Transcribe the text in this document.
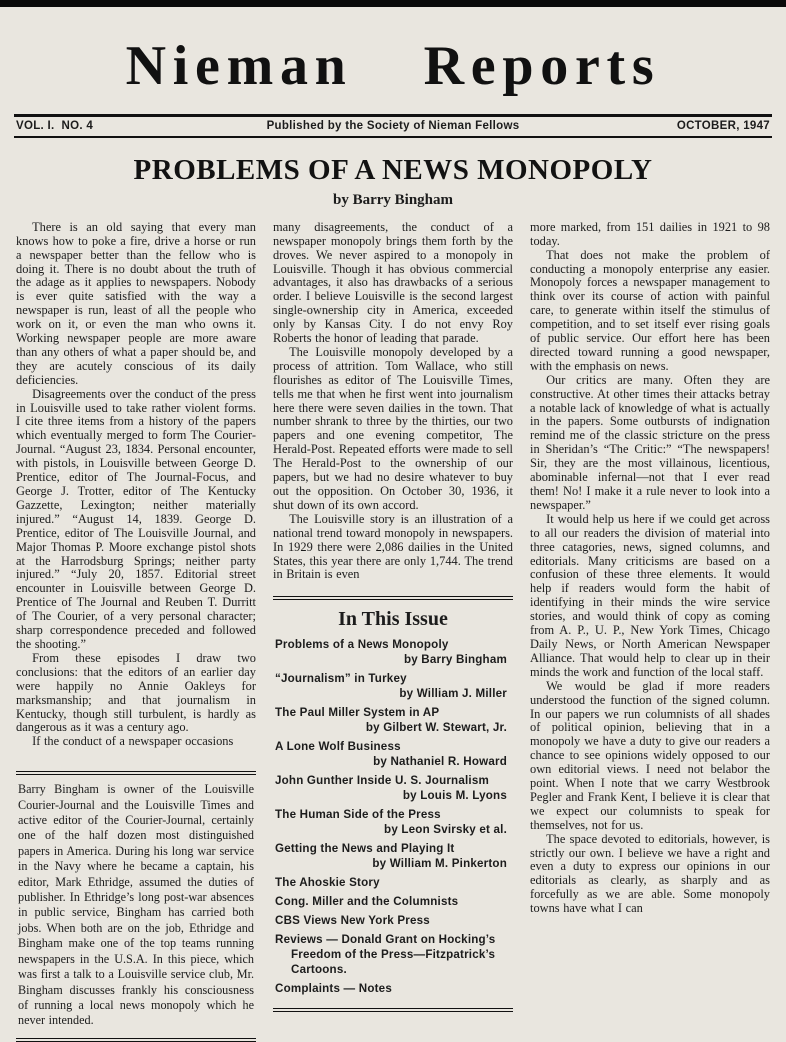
Nieman Reports
VOL. I.  NO. 4	Published by the Society of Nieman Fellows	OCTOBER, 1947
PROBLEMS OF A NEWS MONOPOLY
by Barry Bingham

There is an old saying that every man knows how to poke a fire, drive a horse or run a newspaper better than the fellow who is doing it. There is no doubt about the truth of the adage as it applies to newspapers. Nobody is ever quite satisfied with the way a newspaper is run, least of all the people who work on it, or even the man who owns it. Working newspaper people are more aware than any others of what a paper should be, and they are acutely conscious of its daily deficiencies.

Disagreements over the conduct of the press in Louisville used to take rather violent forms. I cite three items from a history of the papers which eventually merged to form The Courier-Journal. “August 23, 1834. Personal encounter, with pistols, in Louisville between George D. Prentice, editor of The Journal-Focus, and George J. Trotter, editor of The Kentucky Gazzette, Lexington; neither materially injured.” “August 14, 1839. George D. Prentice, editor of The Louisville Journal, and Major Thomas P. Moore exchange pistol shots at the Harrodsburg Springs; neither party injured.” “July 20, 1857. Editorial street encounter in Louisville between George D. Prentice of The Journal and Reuben T. Durritt of The Courier, of a very personal character; sharp correspondence preceded and followed the shooting.”

From these episodes I draw two conclusions: that the editors of an earlier day were happily no Annie Oakleys for marksmanship; and that journalism in Kentucky, though still turbulent, is hardly as dangerous as it was a century ago.

If the conduct of a newspaper occasions

Barry Bingham is owner of the Louisville Courier-Journal and the Louisville Times and active editor of the Courier-Journal, certainly one of the half dozen most distinguished papers in America. During his long war service in the Navy where he became a captain, his editor, Mark Ethridge, assumed the duties of publisher. In Ethridge’s long post-war absences in public service, Bingham has carried both jobs. When both are on the job, Ethridge and Bingham make one of the top teams running newspapers in the U.S.A. In this piece, which was first a talk to a Louisville service club, Mr. Bingham discusses frankly his consciousness of running a local news monopoly which he never intended.

many disagreements, the conduct of a newspaper monopoly brings them forth by the droves. We never aspired to a monopoly in Louisville. Though it has obvious commercial advantages, it also has drawbacks of a serious order. I believe Louisville is the second largest single-ownership city in America, exceeded only by Kansas City. I do not envy Roy Roberts the honor of leading that parade.

The Louisville monopoly developed by a process of attrition. Tom Wallace, who still flourishes as editor of The Louisville Times, tells me that when he first went into journalism here there were seven dailies in the town. That number shrank to three by the thirties, our two papers and one evening competitor, The Herald-Post. Repeated efforts were made to sell The Herald-Post to the ownership of our papers, but we had no desire whatever to buy out the opposition. On October 30, 1936, it shut down of its own accord.

The Louisville story is an illustration of a national trend toward monopoly in newspapers. In 1929 there were 2,086 dailies in the United States, this year there are only 1,744. The trend in Britain is even

In This Issue
Problems of a News Monopoly
by Barry Bingham
“Journalism” in Turkey
by William J. Miller
The Paul Miller System in AP
by Gilbert W. Stewart, Jr.
A Lone Wolf Business
by Nathaniel R. Howard
John Gunther Inside U. S. Journalism
by Louis M. Lyons
The Human Side of the Press
by Leon Svirsky et al.
Getting the News and Playing It
by William M. Pinkerton
The Ahoskie Story
Cong. Miller and the Columnists
CBS Views New York Press
Reviews — Donald Grant on Hocking’s Freedom of the Press—Fitzpatrick’s Cartoons.
Complaints — Notes

more marked, from 151 dailies in 1921 to 98 today.

That does not make the problem of conducting a monopoly enterprise any easier. Monopoly forces a newspaper management to think over its course of action with painful care, to generate within itself the stimulus of competition, and to set itself ever rising goals of public service. Our effort here has been directed toward running a good newspaper, with the emphasis on news.

Our critics are many. Often they are constructive. At other times their attacks betray a notable lack of knowledge of what is actually in the papers. Some outbursts of indignation remind me of the classic stricture on the press in Sheridan’s “The Critic:” “The newspapers! Sir, they are the most villainous, licentious, abominable infernal—not that I ever read them! No! I make it a rule never to look into a newspaper.”

It would help us here if we could get across to all our readers the division of material into three catagories, news, signed columns, and editorials. Many criticisms are based on a confusion of these three elements. It would help if readers would form the habit of identifying in their minds the wire service stories, and would think of copy as coming from A. P., U. P., New York Times, Chicago Daily News, or North American Newspaper Alliance. That would help to clear up in their minds the work and function of the local staff.

We would be glad if more readers understood the function of the signed column. In our papers we run columnists of all shades of political opinion, believing that in a monopoly we have a duty to give our readers a chance to see opinions widely opposed to our own editorial views. I need not belabor the point. When I note that we carry Westbrook Pegler and Frank Kent, I believe it is clear that we expect our columnists to speak for themselves, not for us.

The space devoted to editorials, however, is strictly our own. I believe we have a right and even a duty to express our opinions in our editorials as clearly, as sharply and as forcefully as we are able. Some monopoly towns have what I can
